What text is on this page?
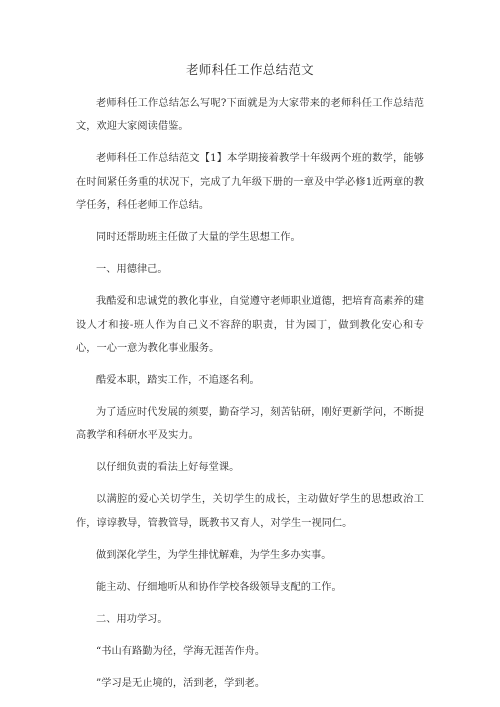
老师科任工作总结范文

老师科任工作总结怎么写呢?下面就是为大家带来的老师科任工作总结范文，欢迎大家阅读借鉴。

老师科任工作总结范文【1】本学期接着教学十年级两个班的数学，能够在时间紧任务重的状况下，完成了九年级下册的一章及中学必修1近两章的教学任务，科任老师工作总结。

同时还帮助班主任做了大量的学生思想工作。

一、用德律己。

我酷爱和忠诚党的教化事业，自觉遵守老师职业道德，把培育高素养的建设人才和接-班人作为自己义不容辞的职责，甘为园丁，做到教化安心和专心，一心一意为教化事业服务。

酷爱本职，踏实工作，不追逐名利。

为了适应时代发展的须要，勤奋学习，刻苦钻研，刚好更新学问，不断提高教学和科研水平及实力。

以仔细负责的看法上好每堂课。

以满腔的爱心关切学生，关切学生的成长，主动做好学生的思想政治工作，谆谆教导，管教管导，既教书又育人，对学生一视同仁。

做到深化学生，为学生排忧解难，为学生多办实事。

能主动、仔细地听从和协作学校各级领导支配的工作。

二、用功学习。

“书山有路勤为径，学海无涯苦作舟。

”学习是无止境的，活到老，学到老。
